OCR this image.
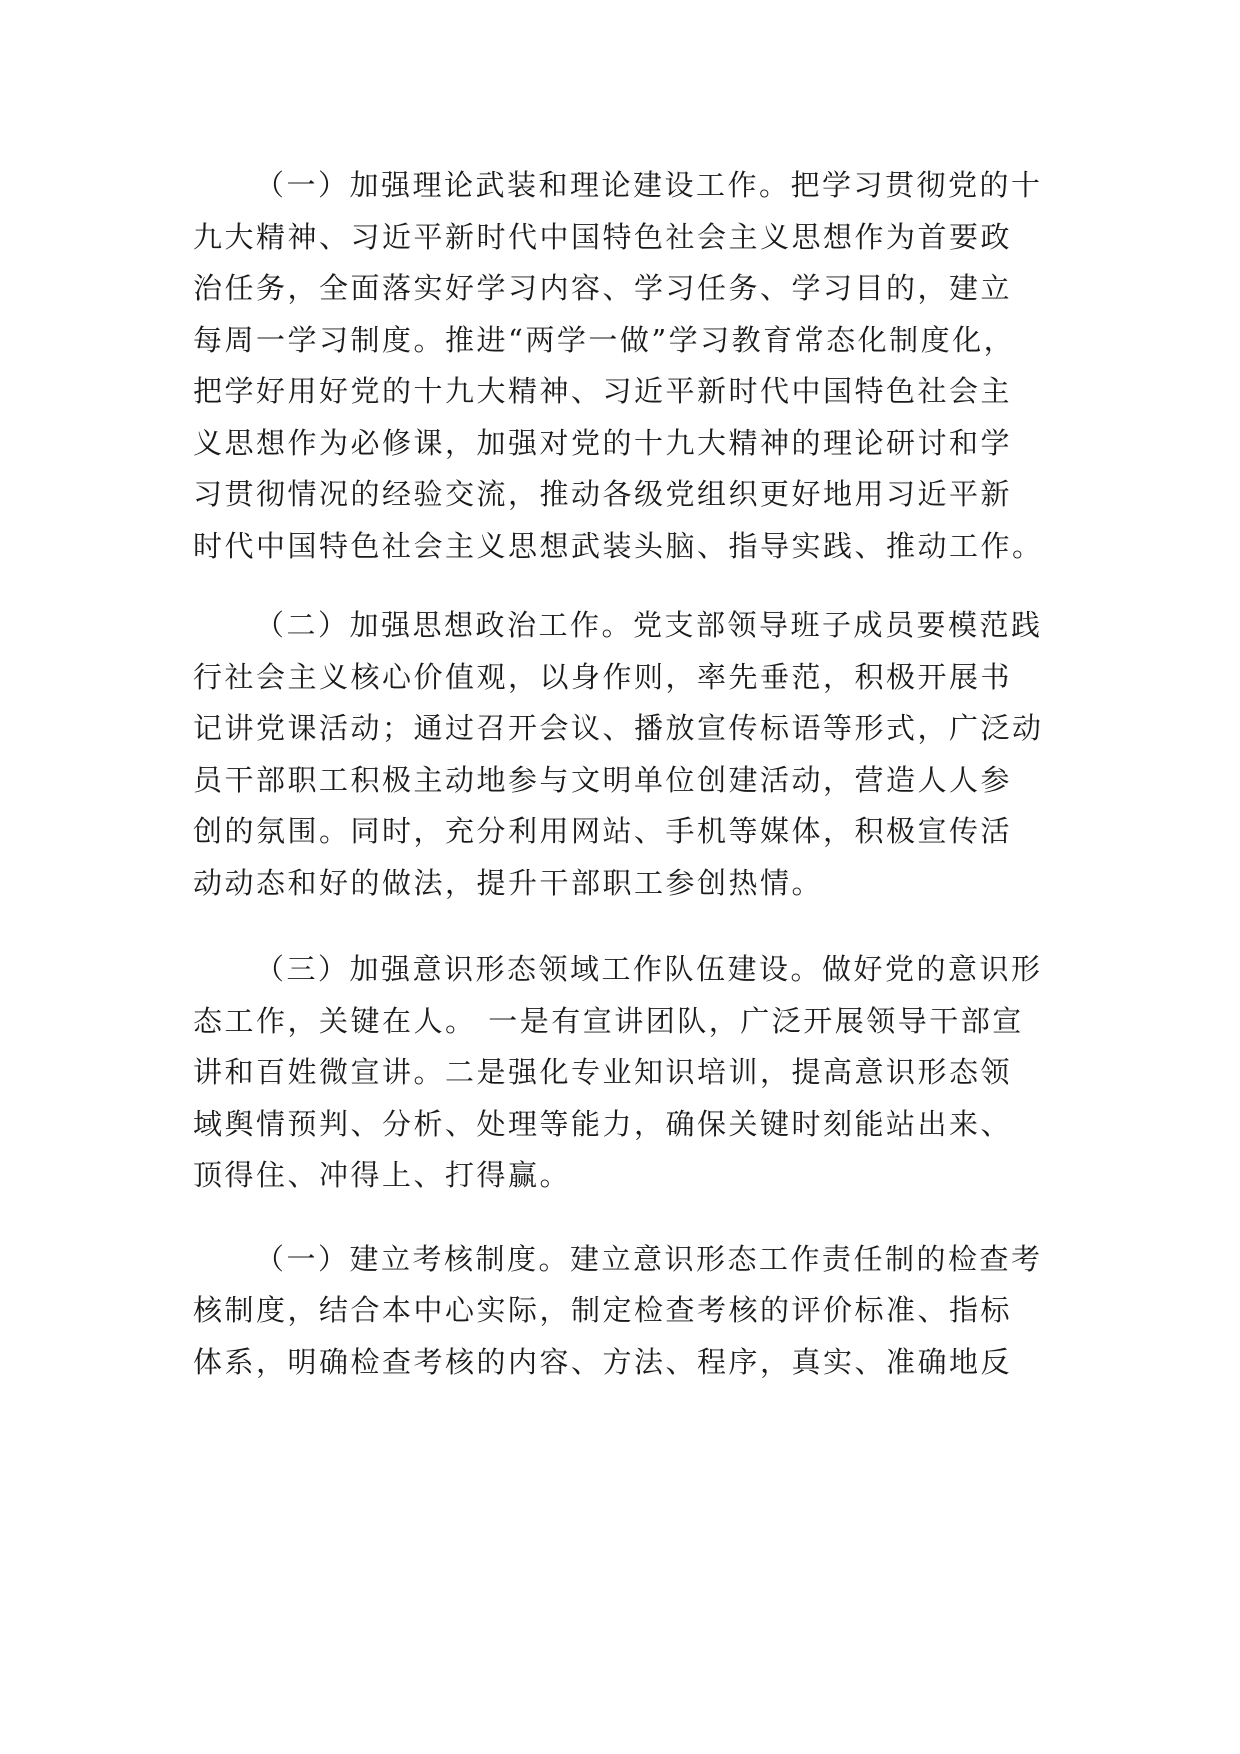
（一）加强理论武装和理论建设工作。把学习贯彻党的十
九大精神、习近平新时代中国特色社会主义思想作为首要政
治任务，全面落实好学习内容、学习任务、学习目的，建立
每周一学习制度。推进“两学一做”学习教育常态化制度化，
把学好用好党的十九大精神、习近平新时代中国特色社会主
义思想作为必修课，加强对党的十九大精神的理论研讨和学
习贯彻情况的经验交流，推动各级党组织更好地用习近平新
时代中国特色社会主义思想武装头脑、指导实践、推动工作。

（二）加强思想政治工作。党支部领导班子成员要模范践
行社会主义核心价值观，以身作则，率先垂范，积极开展书
记讲党课活动；通过召开会议、播放宣传标语等形式，广泛动
员干部职工积极主动地参与文明单位创建活动，营造人人参
创的氛围。同时，充分利用网站、手机等媒体，积极宣传活
动动态和好的做法，提升干部职工参创热情。

（三）加强意识形态领域工作队伍建设。做好党的意识形
态工作，关键在人。 一是有宣讲团队，广泛开展领导干部宣
讲和百姓微宣讲。二是强化专业知识培训，提高意识形态领
域舆情预判、分析、处理等能力，确保关键时刻能站出来、
顶得住、冲得上、打得赢。

（一）建立考核制度。建立意识形态工作责任制的检查考
核制度，结合本中心实际，制定检查考核的评价标准、指标
体系，明确检查考核的内容、方法、程序，真实、准确地反
